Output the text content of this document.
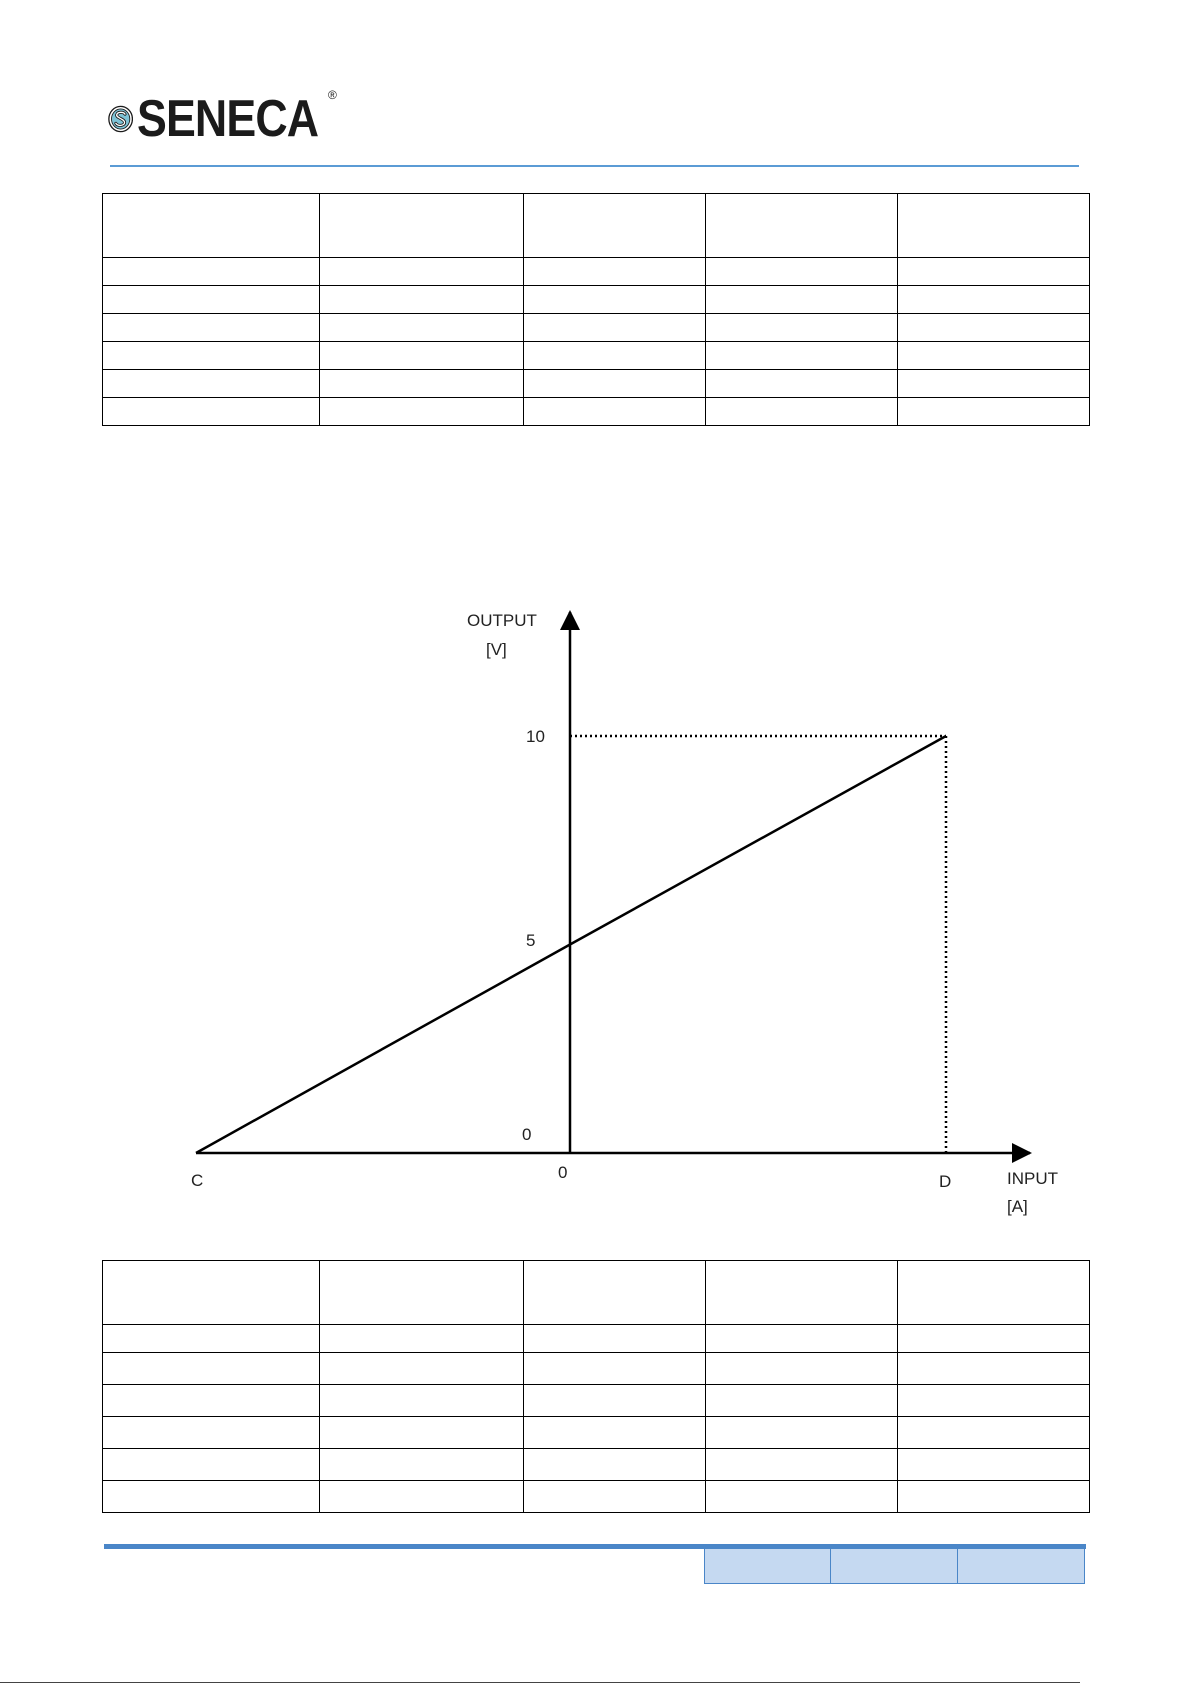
SENECA ®

OUTPUT
[V]
10
5
0
0
C	D	INPUT
[A]
